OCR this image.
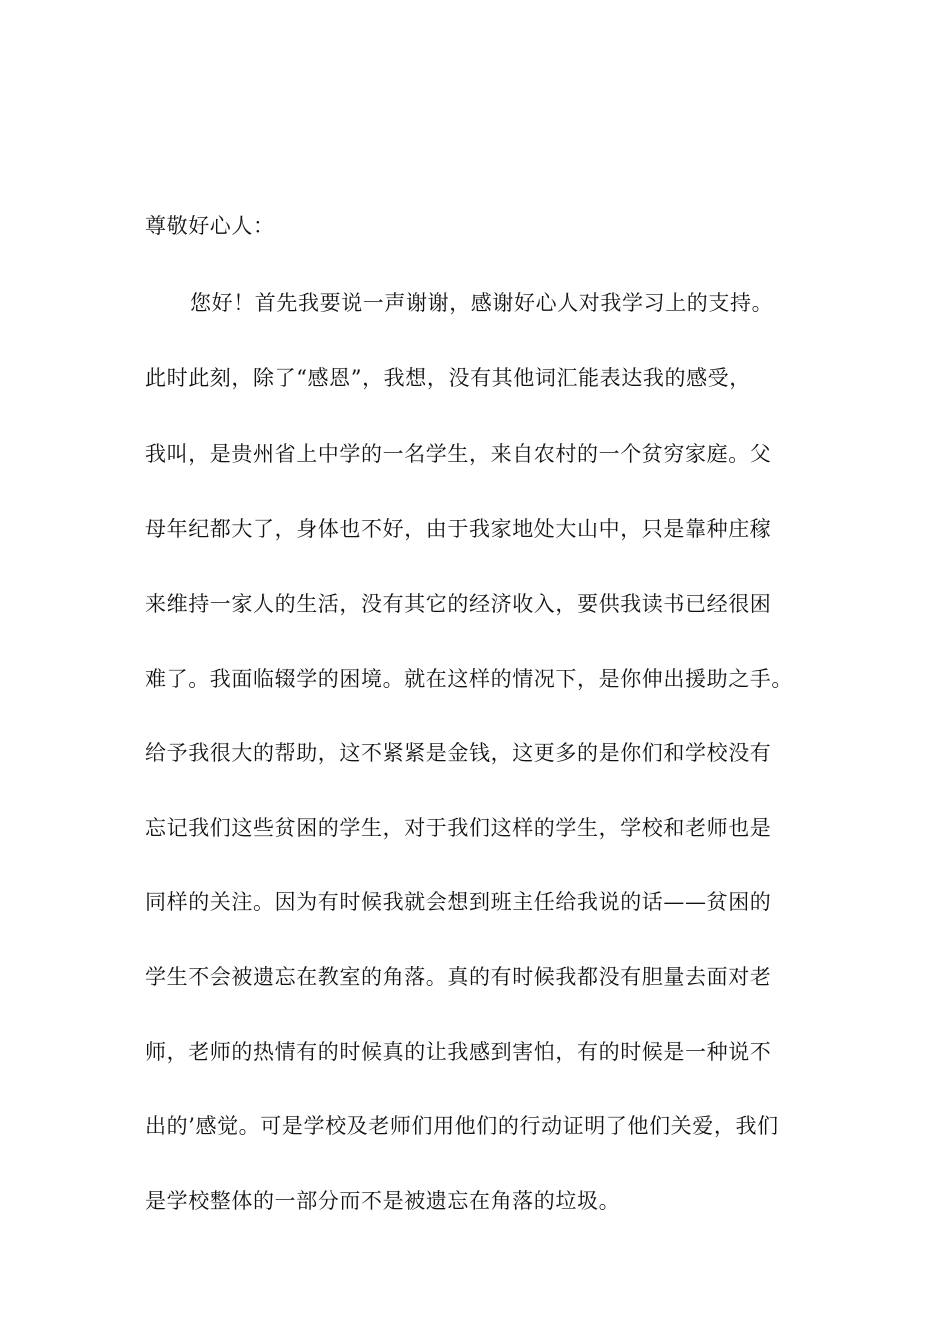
尊敬好心人：
您好！首先我要说一声谢谢，感谢好心人对我学习上的支持。
此时此刻，除了“感恩”，我想，没有其他词汇能表达我的感受，
我叫，是贵州省上中学的一名学生，来自农村的一个贫穷家庭。父
母年纪都大了，身体也不好，由于我家地处大山中，只是靠种庄稼
来维持一家人的生活，没有其它的经济收入，要供我读书已经很困
难了。我面临辍学的困境。就在这样的情况下，是你伸出援助之手。
给予我很大的帮助，这不紧紧是金钱，这更多的是你们和学校没有
忘记我们这些贫困的学生，对于我们这样的学生，学校和老师也是
同样的关注。因为有时候我就会想到班主任给我说的话——贫困的
学生不会被遗忘在教室的角落。真的有时候我都没有胆量去面对老
师，老师的热情有的时候真的让我感到害怕，有的时候是一种说不
出的’感觉。可是学校及老师们用他们的行动证明了他们关爱，我们
是学校整体的一部分而不是被遗忘在角落的垃圾。
